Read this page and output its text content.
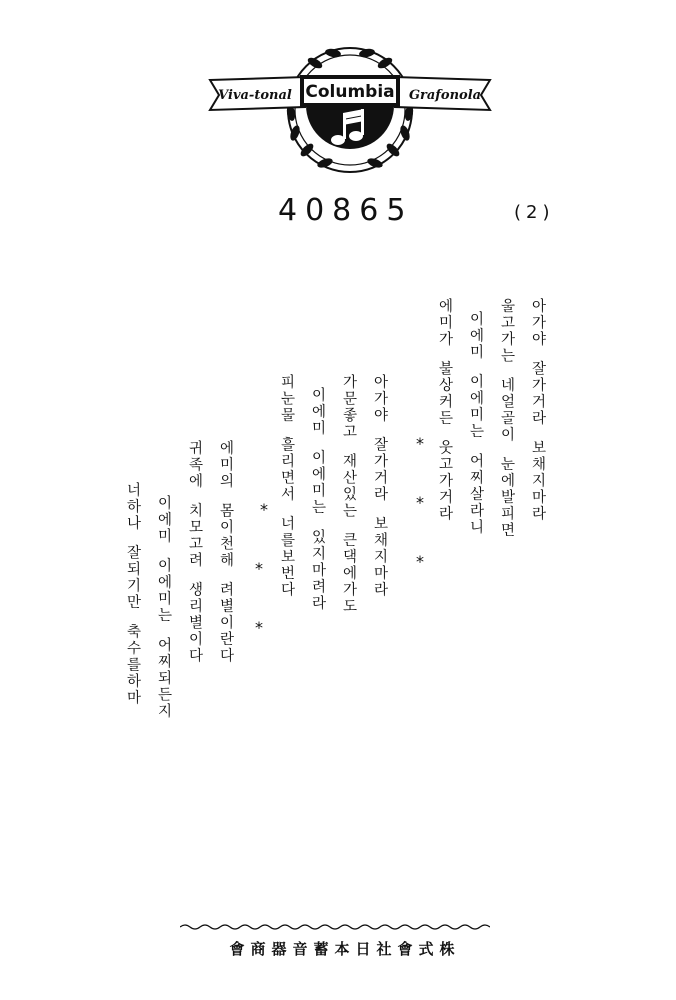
Viva-tonal Columbia Grafonola
40865	(2)
아가야  잘가거라  보채지마라
울고가는  네얼골이  눈에발피면
이에미  이에미는  어찌살라니
에미가  불상커든  웃고가거라
*
*
*
아가야  잘가거라  보채지마라
가문좋고  재산있는  큰댁에가도
이에미  이에미는  있지마려라
피눈물  흘리면서  너를보번다
*
*
*
에미의  몸이천해  려별이란다
귀족에  치모고려  생리별이다
이에미  이에미는  어찌되든지
너하나  잘되기만  축수를하마
會商器音蓄本日社會式株
